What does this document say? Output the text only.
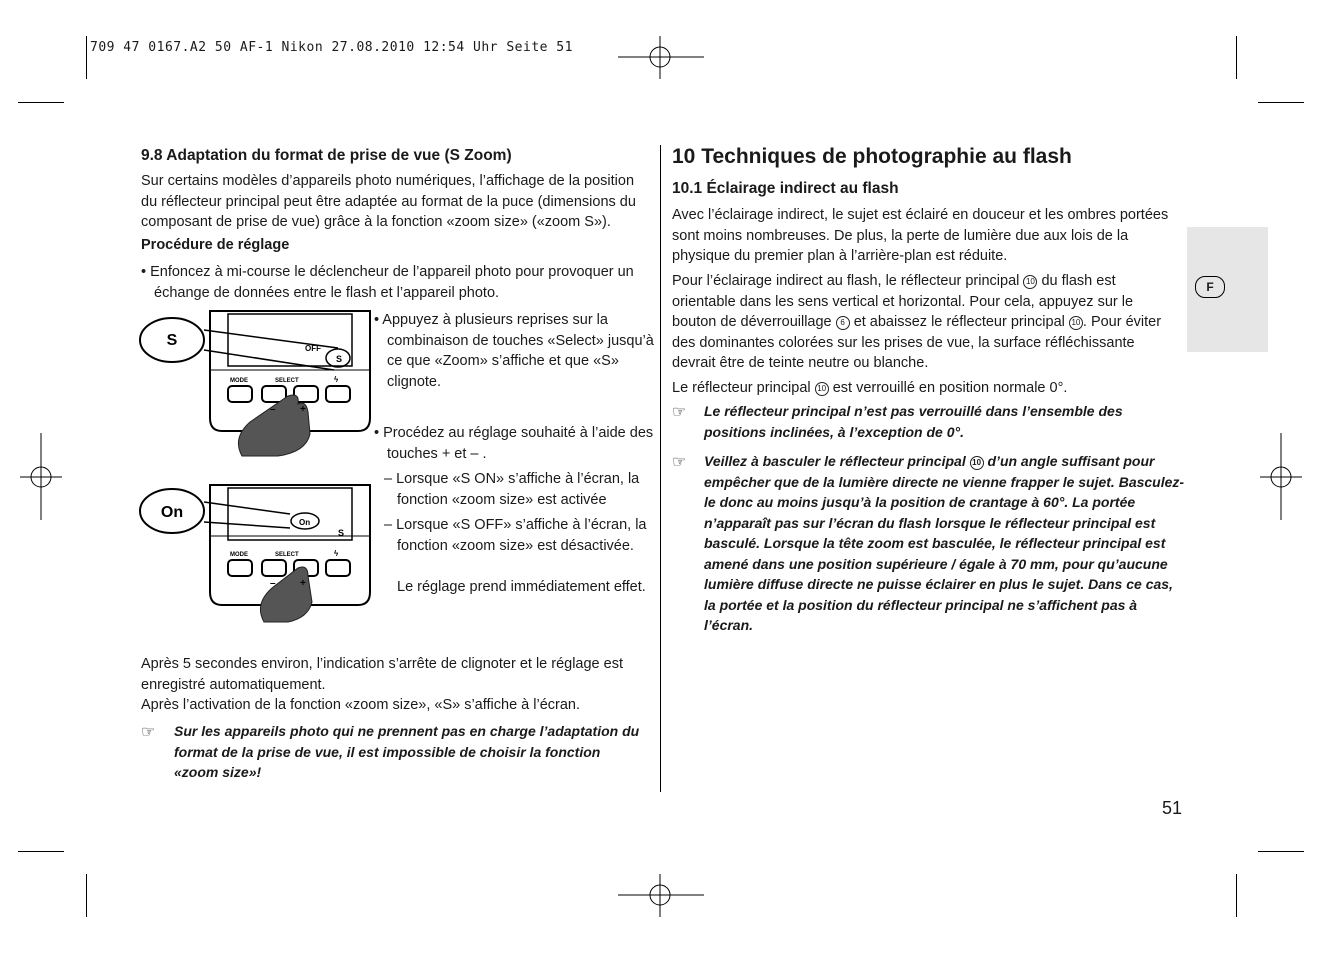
709 47 0167.A2 50 AF-1 Nikon 27.08.2010 12:54 Uhr Seite 51
9.8 Adaptation du format de prise de vue (S Zoom)
Sur certains modèles d’appareils photo numériques, l’affichage de la position du réflecteur principal peut être adaptée au format de la puce (dimensions du composant de prise de vue) grâce à la fonction «zoom size» («zoom S»).
Procédure de réglage
• Enfoncez à mi-course le déclencheur de l’appareil photo pour provoquer un échange de données entre le flash et l’appareil photo.
S	OFF
S
MODE	SELECT	ϟ
– +
• Appuyez à plusieurs reprises sur la combinaison de touches «Select» jusqu’à ce que «Zoom» s’affiche et que «S» clignote.
• Procédez au réglage souhaité à l’aide des touches + et – .
– Lorsque «S ON» s’affiche à l’écran, la fonction «zoom size» est activée
– Lorsque «S OFF» s’affiche à l’écran, la fonction «zoom size» est désactivée.
Le réglage prend immédiatement effet.
On
On
S
MODE	SELECT	ϟ
– +
Après 5 secondes environ, l’indication s’arrête de clignoter et le réglage est enregistré automatiquement.
Après l’activation de la fonction «zoom size», «S» s’affiche à l’écran.
☞ Sur les appareils photo qui ne prennent pas en charge l’adaptation du format de la prise de vue, il est impossible de choisir la fonction «zoom size»!
10 Techniques de photographie au flash
10.1 Éclairage indirect au flash
Avec l’éclairage indirect, le sujet est éclairé en douceur et les ombres portées sont moins nombreuses. De plus, la perte de lumière due aux lois de la physique du premier plan à l’arrière-plan est réduite.
Pour l’éclairage indirect au flash, le réflecteur principal 10 du flash est orientable dans les sens vertical et horizontal. Pour cela, appuyez sur le bouton de déverrouillage 6 et abaissez le réflecteur principal 10 . Pour éviter des dominantes colorées sur les prises de vue, la surface réfléchissante devrait être de teinte neutre ou blanche.
Le réflecteur principal 10 est verrouillé en position normale 0°.
☞ Le réflecteur principal n’est pas verrouillé dans l’ensemble des positions inclinées, à l’exception de 0°.
☞ Veillez à basculer le réflecteur principal 10 d’un angle suffisant pour empêcher que de la lumière directe ne vienne frapper le sujet. Basculez-le donc au moins jusqu’à la position de crantage à 60°. La portée n’apparaît pas sur l’écran du flash lorsque le réflecteur principal est basculé. Lorsque la tête zoom est basculée, le réflecteur principal est amené dans une position supérieure / égale à 70 mm, pour qu’aucune lumière diffuse directe ne puisse éclairer en plus le sujet. Dans ce cas, la portée et la position du réflecteur principal ne s’affichent pas à l’écran.
F
51
